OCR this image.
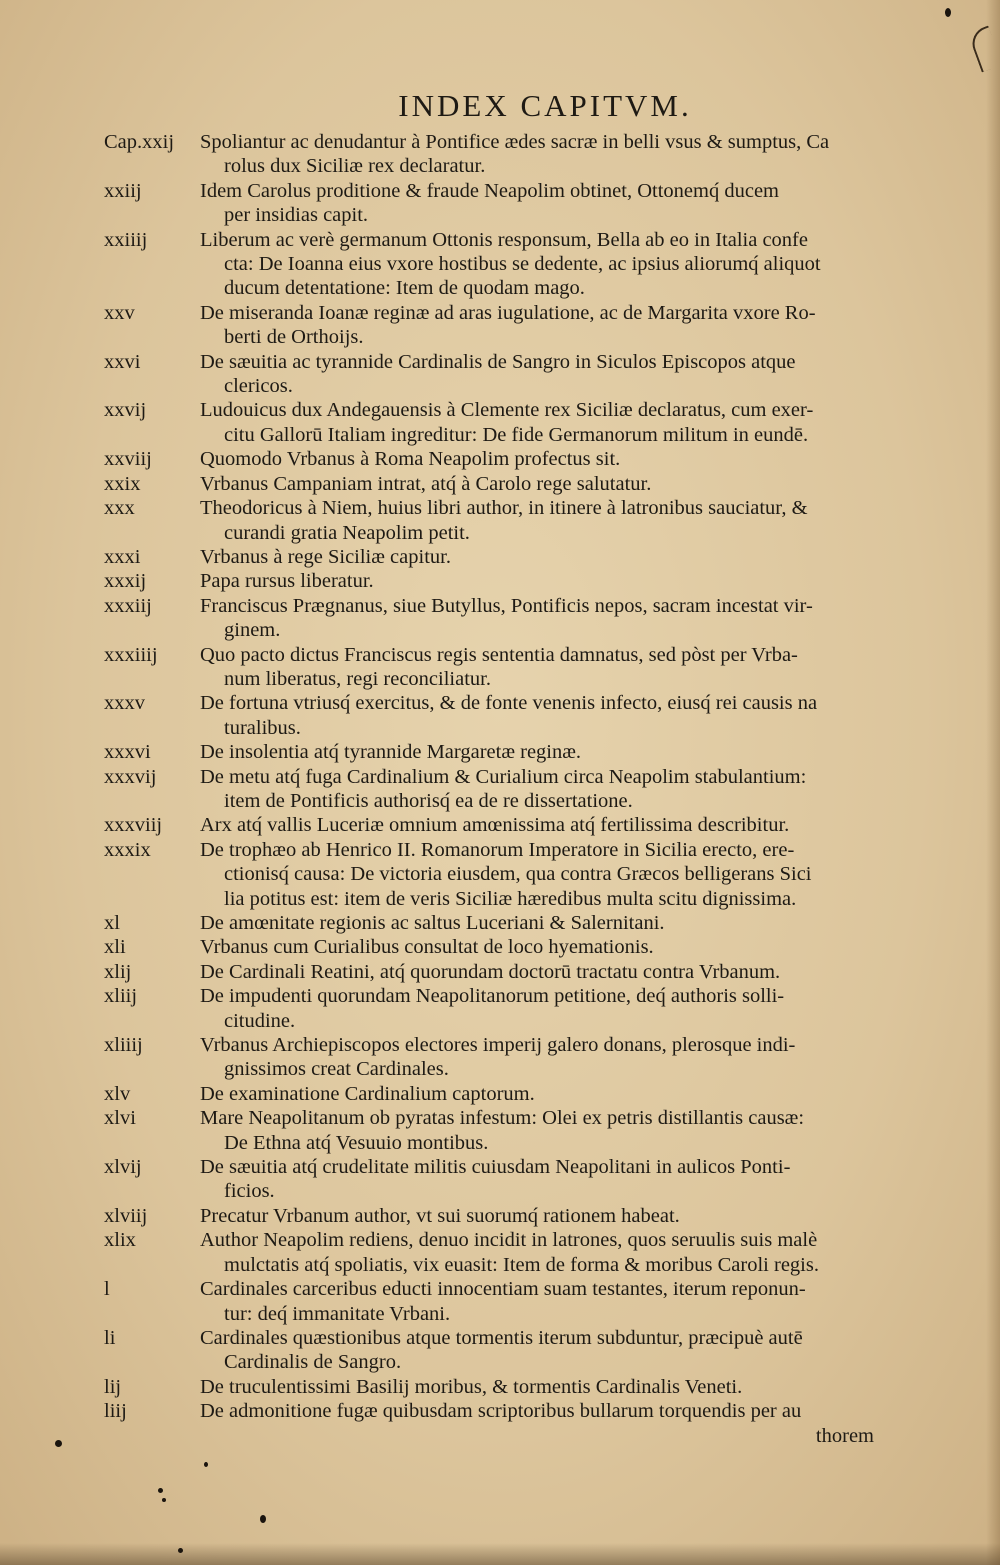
INDEX CAPITVM.
Cap.xxij	Spoliantur ac denudantur à Pontifice ædes sacræ in belli vsus & sumptus, Ca
rolus dux Siciliæ rex declaratur.
xxiij	Idem Carolus proditione & fraude Neapolim obtinet, Ottonemq́ ducem
per insidias capit.
xxiiij	Liberum ac verè germanum Ottonis responsum, Bella ab eo in Italia confe
cta: De Ioanna eius vxore hostibus se dedente, ac ipsius aliorumq́ aliquot
ducum detentatione: Item de quodam mago.
xxv	De miseranda Ioanæ reginæ ad aras iugulatione, ac de Margarita vxore Ro-
berti de Orthoijs.
xxvi	De sæuitia ac tyrannide Cardinalis de Sangro in Siculos Episcopos atque
clericos.
xxvij	Ludouicus dux Andegauensis à Clemente rex Siciliæ declaratus, cum exer-
citu Gallorū Italiam ingreditur: De fide Germanorum militum in eundē.
xxviij	Quomodo Vrbanus à Roma Neapolim profectus sit.
xxix	Vrbanus Campaniam intrat, atq́ à Carolo rege salutatur.
xxx	Theodoricus à Niem, huius libri author, in itinere à latronibus sauciatur, &
curandi gratia Neapolim petit.
xxxi	Vrbanus à rege Siciliæ capitur.
xxxij	Papa rursus liberatur.
xxxiij	Franciscus Prægnanus, siue Butyllus, Pontificis nepos, sacram incestat vir-
ginem.
xxxiiij	Quo pacto dictus Franciscus regis sententia damnatus, sed pòst per Vrba-
num liberatus, regi reconciliatur.
xxxv	De fortuna vtriusq́ exercitus, & de fonte venenis infecto, eiusq́ rei causis na
turalibus.
xxxvi	De insolentia atq́ tyrannide Margaretæ reginæ.
xxxvij	De metu atq́ fuga Cardinalium & Curialium circa Neapolim stabulantium:
item de Pontificis authorisq́ ea de re dissertatione.
xxxviij	Arx atq́ vallis Luceriæ omnium amœnissima atq́ fertilissima describitur.
xxxix	De trophæo ab Henrico II. Romanorum Imperatore in Sicilia erecto, ere-
ctionisq́ causa: De victoria eiusdem, qua contra Græcos belligerans Sici
lia potitus est: item de veris Siciliæ hæredibus multa scitu dignissima.
xl	De amœnitate regionis ac saltus Luceriani & Salernitani.
xli	Vrbanus cum Curialibus consultat de loco hyemationis.
xlij	De Cardinali Reatini, atq́ quorundam doctorū tractatu contra Vrbanum.
xliij	De impudenti quorundam Neapolitanorum petitione, deq́ authoris solli-
citudine.
xliiij	Vrbanus Archiepiscopos electores imperij galero donans, plerosque indi-
gnissimos creat Cardinales.
xlv	De examinatione Cardinalium captorum.
xlvi	Mare Neapolitanum ob pyratas infestum: Olei ex petris distillantis causæ:
De Ethna atq́ Vesuuio montibus.
xlvij	De sæuitia atq́ crudelitate militis cuiusdam Neapolitani in aulicos Ponti-
ficios.
xlviij	Precatur Vrbanum author, vt sui suorumq́ rationem habeat.
xlix	Author Neapolim rediens, denuo incidit in latrones, quos seruulis suis malè
mulctatis atq́ spoliatis, vix euasit: Item de forma & moribus Caroli regis.
l	Cardinales carceribus educti innocentiam suam testantes, iterum reponun-
tur: deq́ immanitate Vrbani.
li	Cardinales quæstionibus atque tormentis iterum subduntur, præcipuè autē
Cardinalis de Sangro.
lij	De truculentissimi Basilij moribus, & tormentis Cardinalis Veneti.
liij	De admonitione fugæ quibusdam scriptoribus bullarum torquendis per au
thorem
